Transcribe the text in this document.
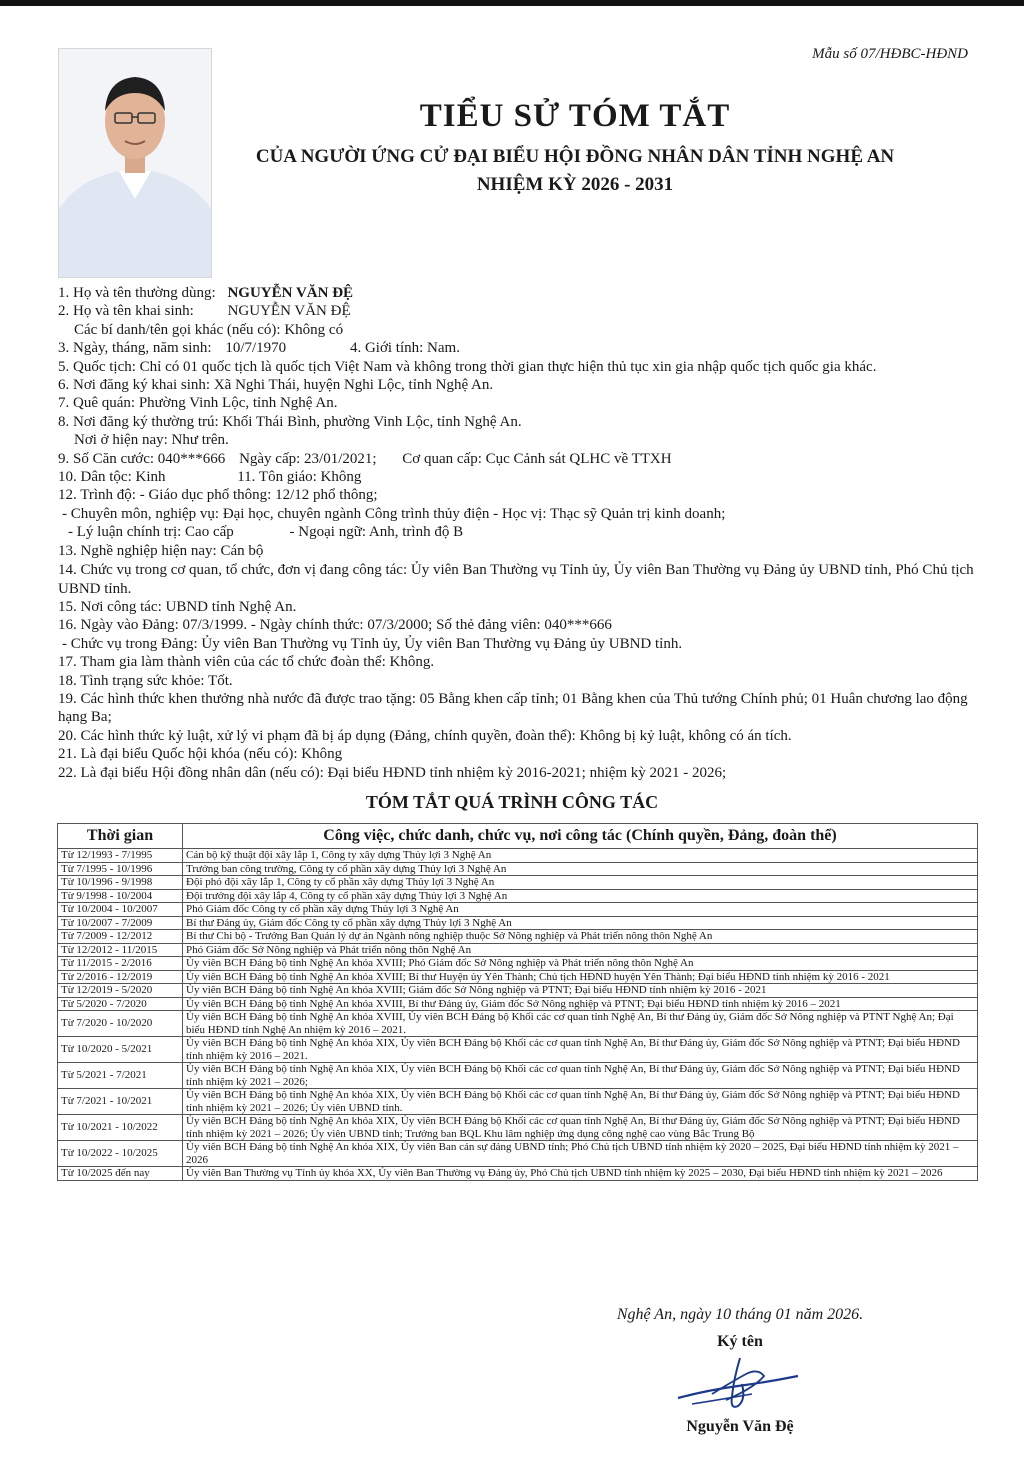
Mẫu số 07/HĐBC-HĐND
TIỂU SỬ TÓM TẮT
CỦA NGƯỜI ỨNG CỬ ĐẠI BIỂU HỘI ĐỒNG NHÂN DÂN TỈNH NGHỆ AN
NHIỆM KỲ 2026 - 2031
1. Họ và tên thường dùng: NGUYỄN VĂN ĐỆ
2. Họ và tên khai sinh: NGUYỄN VĂN ĐỆ
Các bí danh/tên gọi khác (nếu có): Không có
3. Ngày, tháng, năm sinh: 10/7/1970	4. Giới tính: Nam.
5. Quốc tịch: Chỉ có 01 quốc tịch là quốc tịch Việt Nam và không trong thời gian thực hiện thủ tục xin gia nhập quốc tịch quốc gia khác.
6. Nơi đăng ký khai sinh: Xã Nghi Thái, huyện Nghi Lộc, tỉnh Nghệ An.
7. Quê quán: Phường Vinh Lộc, tỉnh Nghệ An.
8. Nơi đăng ký thường trú: Khối Thái Bình, phường Vinh Lộc, tỉnh Nghệ An.
Nơi ở hiện nay: Như trên.
9. Số Căn cước: 040***666 Ngày cấp: 23/01/2021; Cơ quan cấp: Cục Cảnh sát QLHC về TTXH
10. Dân tộc: Kinh	11. Tôn giáo: Không
12. Trình độ: - Giáo dục phổ thông: 12/12 phổ thông;
- Chuyên môn, nghiệp vụ: Đại học, chuyên ngành Công trình thủy điện - Học vị: Thạc sỹ Quản trị kinh doanh;
- Lý luận chính trị: Cao cấp	- Ngoại ngữ: Anh, trình độ B
13. Nghề nghiệp hiện nay: Cán bộ
14. Chức vụ trong cơ quan, tổ chức, đơn vị đang công tác: Ủy viên Ban Thường vụ Tỉnh ủy, Ủy viên Ban Thường vụ Đảng ủy UBND tỉnh, Phó Chủ tịch UBND tỉnh.
15. Nơi công tác: UBND tỉnh Nghệ An.
16. Ngày vào Đảng: 07/3/1999. - Ngày chính thức: 07/3/2000; Số thẻ đảng viên: 040***666
- Chức vụ trong Đảng: Ủy viên Ban Thường vụ Tỉnh ủy, Ủy viên Ban Thường vụ Đảng ủy UBND tỉnh.
17. Tham gia làm thành viên của các tổ chức đoàn thể: Không.
18. Tình trạng sức khỏe: Tốt.
19. Các hình thức khen thưởng nhà nước đã được trao tặng: 05 Bằng khen cấp tỉnh; 01 Bằng khen của Thủ tướng Chính phủ; 01 Huân chương lao động hạng Ba;
20. Các hình thức kỷ luật, xử lý vi phạm đã bị áp dụng (Đảng, chính quyền, đoàn thể): Không bị kỷ luật, không có án tích.
21. Là đại biểu Quốc hội khóa (nếu có): Không
22. Là đại biểu Hội đồng nhân dân (nếu có): Đại biểu HĐND tỉnh nhiệm kỳ 2016-2021; nhiệm kỳ 2021 - 2026;
TÓM TẮT QUÁ TRÌNH CÔNG TÁC
Thời gian	Công việc, chức danh, chức vụ, nơi công tác (Chính quyền, Đảng, đoàn thể)
Từ 12/1993 - 7/1995	Cán bộ kỹ thuật đội xây lắp 1, Công ty xây dựng Thủy lợi 3 Nghệ An
Từ 7/1995 - 10/1996	Trưởng ban công trường, Công ty cổ phần xây dựng Thủy lợi 3 Nghệ An
Từ 10/1996 - 9/1998	Đội phó đội xây lắp 1, Công ty cổ phần xây dựng Thủy lợi 3 Nghệ An
Từ 9/1998 - 10/2004	Đội trưởng đội xây lắp 4, Công ty cổ phần xây dựng Thủy lợi 3 Nghệ An
Từ 10/2004 - 10/2007	Phó Giám đốc Công ty cổ phần xây dựng Thủy lợi 3 Nghệ An
Từ 10/2007 - 7/2009	Bí thư Đảng ủy, Giám đốc Công ty cổ phần xây dựng Thủy lợi 3 Nghệ An
Từ 7/2009 - 12/2012	Bí thư Chi bộ - Trưởng Ban Quản lý dự án Ngành nông nghiệp thuộc Sở Nông nghiệp và Phát triển nông thôn Nghệ An
Từ 12/2012 - 11/2015	Phó Giám đốc Sở Nông nghiệp và Phát triển nông thôn Nghệ An
Từ 11/2015 - 2/2016	Ủy viên BCH Đảng bộ tỉnh Nghệ An khóa XVIII; Phó Giám đốc Sở Nông nghiệp và Phát triển nông thôn Nghệ An
Từ 2/2016 - 12/2019	Ủy viên BCH Đảng bộ tỉnh Nghệ An khóa XVIII; Bí thư Huyện ủy Yên Thành; Chủ tịch HĐND huyện Yên Thành; Đại biểu HĐND tỉnh nhiệm kỳ 2016 - 2021
Từ 12/2019 - 5/2020	Ủy viên BCH Đảng bộ tỉnh Nghệ An khóa XVIII; Giám đốc Sở Nông nghiệp và PTNT; Đại biểu HĐND tỉnh nhiệm kỳ 2016 - 2021
Từ 5/2020 - 7/2020	Ủy viên BCH Đảng bộ tỉnh Nghệ An khóa XVIII, Bí thư Đảng ủy, Giám đốc Sở Nông nghiệp và PTNT; Đại biểu HĐND tỉnh nhiệm kỳ 2016 – 2021
Từ 7/2020 - 10/2020	Ủy viên BCH Đảng bộ tỉnh Nghệ An khóa XVIII, Ủy viên BCH Đảng bộ Khối các cơ quan tỉnh Nghệ An, Bí thư Đảng ủy, Giám đốc Sở Nông nghiệp và PTNT Nghệ An; Đại biểu HĐND tỉnh Nghệ An nhiệm kỳ 2016 – 2021.
Từ 10/2020 - 5/2021	Ủy viên BCH Đảng bộ tỉnh Nghệ An khóa XIX, Ủy viên BCH Đảng bộ Khối các cơ quan tỉnh Nghệ An, Bí thư Đảng ủy, Giám đốc Sở Nông nghiệp và PTNT; Đại biểu HĐND tỉnh nhiệm kỳ 2016 – 2021.
Từ 5/2021 - 7/2021	Ủy viên BCH Đảng bộ tỉnh Nghệ An khóa XIX, Ủy viên BCH Đảng bộ Khối các cơ quan tỉnh Nghệ An, Bí thư Đảng ủy, Giám đốc Sở Nông nghiệp và PTNT; Đại biểu HĐND tỉnh nhiệm kỳ 2021 – 2026;
Từ 7/2021 - 10/2021	Ủy viên BCH Đảng bộ tỉnh Nghệ An khóa XIX, Ủy viên BCH Đảng bộ Khối các cơ quan tỉnh Nghệ An, Bí thư Đảng ủy, Giám đốc Sở Nông nghiệp và PTNT; Đại biểu HĐND tỉnh nhiệm kỳ 2021 – 2026; Ủy viên UBND tỉnh.
Từ 10/2021 - 10/2022	Ủy viên BCH Đảng bộ tỉnh Nghệ An khóa XIX, Ủy viên BCH Đảng bộ Khối các cơ quan tỉnh Nghệ An, Bí thư Đảng ủy, Giám đốc Sở Nông nghiệp và PTNT; Đại biểu HĐND tỉnh nhiệm kỳ 2021 – 2026; Ủy viên UBND tỉnh; Trưởng ban BQL Khu lâm nghiệp ứng dụng công nghệ cao vùng Bắc Trung Bộ
Từ 10/2022 - 10/2025	Ủy viên BCH Đảng bộ tỉnh Nghệ An khóa XIX, Ủy viên Ban cán sự đảng UBND tỉnh; Phó Chủ tịch UBND tỉnh nhiệm kỳ 2020 – 2025, Đại biểu HĐND tỉnh nhiệm kỳ 2021 – 2026
Từ 10/2025 đến nay	Ủy viên Ban Thường vụ Tỉnh ủy khóa XX, Ủy viên Ban Thường vụ Đảng ủy, Phó Chủ tịch UBND tỉnh nhiệm kỳ 2025 – 2030, Đại biểu HĐND tỉnh nhiệm kỳ 2021 – 2026
Nghệ An, ngày 10 tháng 01 năm 2026.
Ký tên
Nguyễn Văn Đệ
